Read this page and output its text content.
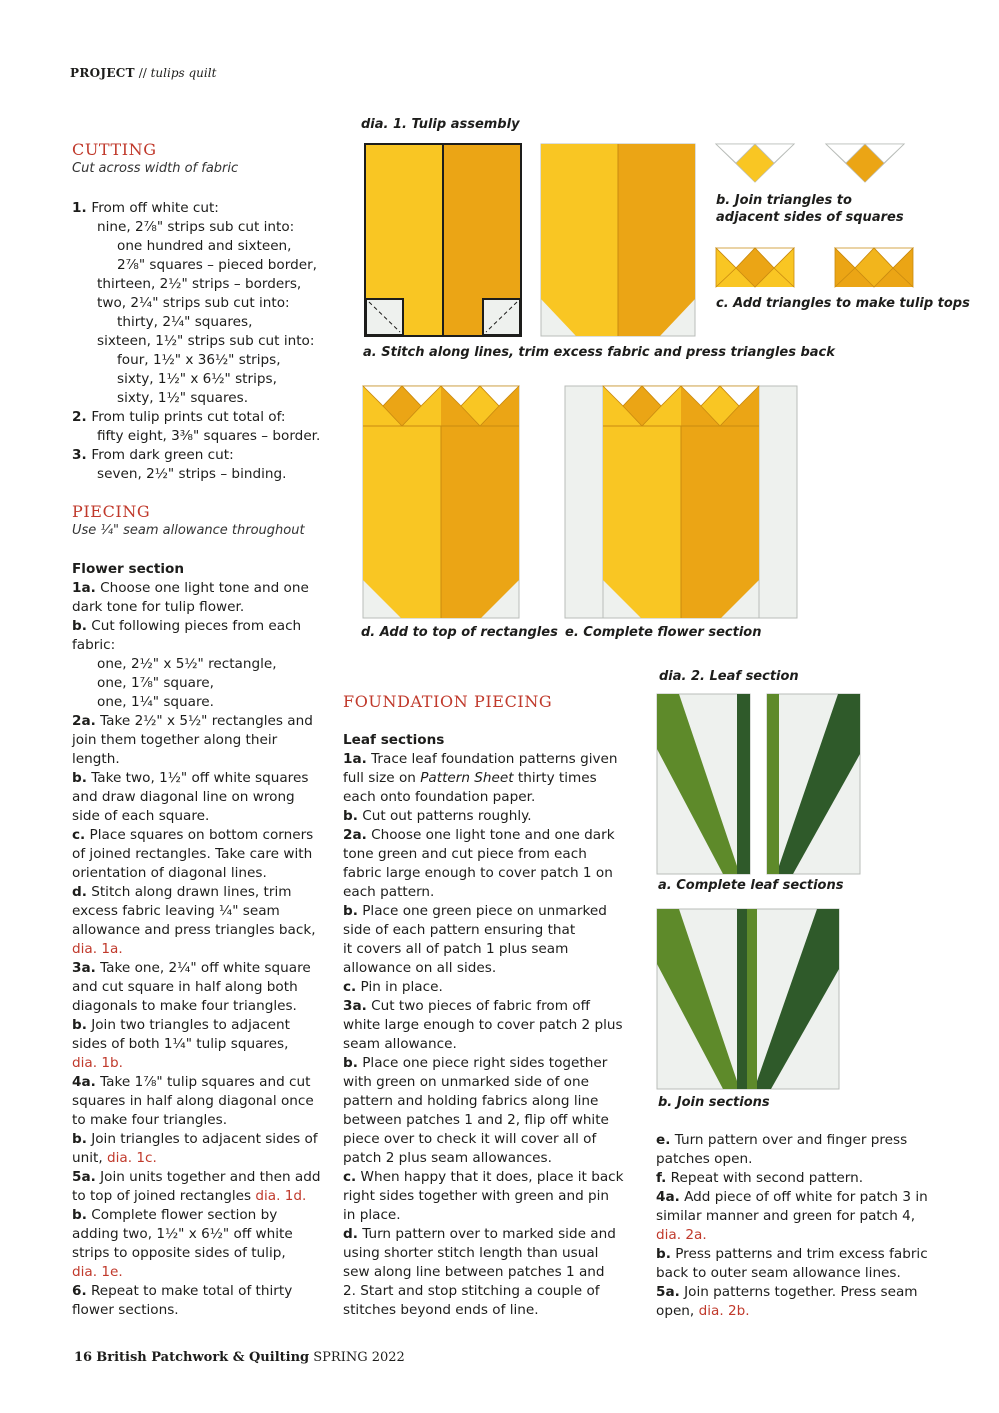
PROJECT // tulips quilt
CUTTING
Cut across width of fabric

1. From off white cut:

nine, 2⅞" strips sub cut into:

one hundred and sixteen,

2⅞" squares – pieced border,

thirteen, 2½" strips – borders,

two, 2¼" strips sub cut into:

thirty, 2¼" squares,

sixteen, 1½" strips sub cut into:

four, 1½" x 36½" strips,

sixty, 1½" x 6½" strips,

sixty, 1½" squares.

2. From tulip prints cut total of:

fifty eight, 3⅜" squares – border.

3. From dark green cut:

seven, 2½" strips – binding.

PIECING
Use ¼" seam allowance throughout

Flower section

1a. Choose one light tone and one

dark tone for tulip flower.

b. Cut following pieces from each

fabric:

one, 2½" x 5½" rectangle,

one, 1⅞" square,

one, 1¼" square.

2a. Take 2½" x 5½" rectangles and

join them together along their

length.

b. Take two, 1½" off white squares

and draw diagonal line on wrong

side of each square.

c. Place squares on bottom corners

of joined rectangles. Take care with

orientation of diagonal lines.

d. Stitch along drawn lines, trim

excess fabric leaving ¼" seam

allowance and press triangles back,

dia. 1a.

3a. Take one, 2¼" off white square

and cut square in half along both

diagonals to make four triangles.

b. Join two triangles to adjacent

sides of both 1¼" tulip squares,

dia. 1b.

4a. Take 1⅞" tulip squares and cut

squares in half along diagonal once

to make four triangles.

b. Join triangles to adjacent sides of

unit, dia. 1c.

5a. Join units together and then add

to top of joined rectangles dia. 1d.

b. Complete flower section by

adding two, 1½" x 6½" off white

strips to opposite sides of tulip,

dia. 1e.

6. Repeat to make total of thirty

flower sections.

FOUNDATION PIECING

Leaf sections

1a. Trace leaf foundation patterns given

full size on Pattern Sheet thirty times

each onto foundation paper.

b. Cut out patterns roughly.

2a. Choose one light tone and one dark

tone green and cut piece from each

fabric large enough to cover patch 1 on

each pattern.

b. Place one green piece on unmarked

side of each pattern ensuring that

it covers all of patch 1 plus seam

allowance on all sides.

c. Pin in place.

3a. Cut two pieces of fabric from off

white large enough to cover patch 2 plus

seam allowance.

b. Place one piece right sides together

with green on unmarked side of one

pattern and holding fabrics along line

between patches 1 and 2, flip off white

piece over to check it will cover all of

patch 2 plus seam allowances.

c. When happy that it does, place it back

right sides together with green and pin

in place.

d. Turn pattern over to marked side and

using shorter stitch length than usual

sew along line between patches 1 and

2. Start and stop stitching a couple of

stitches beyond ends of line.

e. Turn pattern over and finger press

patches open.

f. Repeat with second pattern.

4a. Add piece of off white for patch 3 in

similar manner and green for patch 4,

dia. 2a.

b. Press patterns and trim excess fabric

back to outer seam allowance lines.

5a. Join patterns together. Press seam

open, dia. 2b.

dia. 1. Tulip assembly
a. Stitch along lines, trim excess fabric and press triangles back
b. Join triangles to adjacent sides of squares
c. Add triangles to make tulip tops
d. Add to top of rectangles e. Complete flower section
dia. 2. Leaf section
a. Complete leaf sections
b. Join sections
16 British Patchwork & Quilting SPRING 2022
